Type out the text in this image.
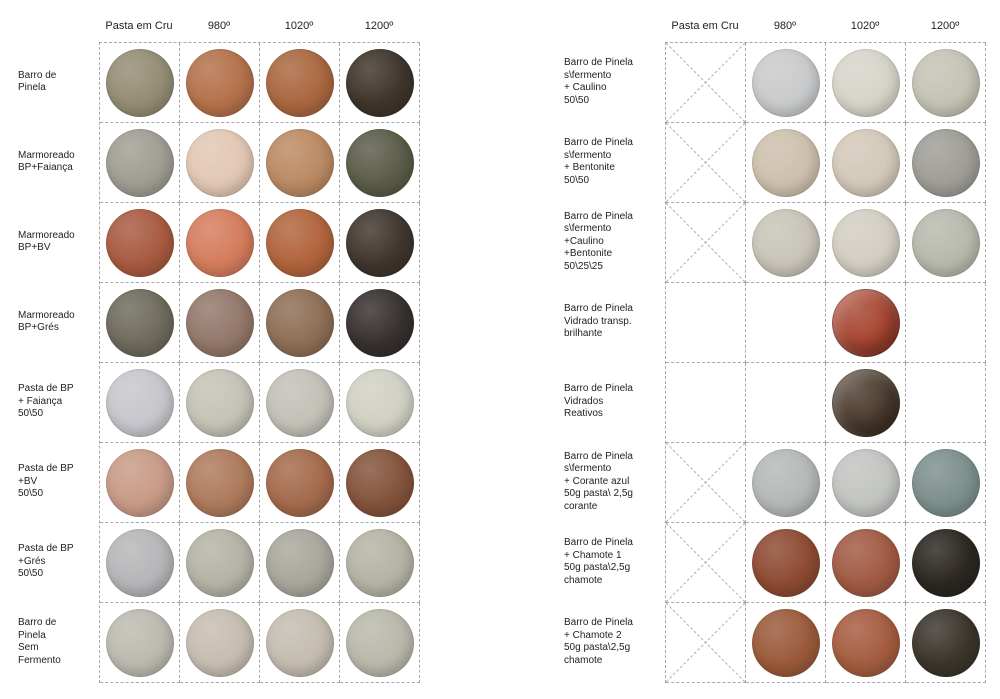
Pasta em Cru	980º	1020º	1200º
Barro de
Pinela
Marmoreado
BP+Faiança
Marmoreado
BP+BV
Marmoreado
BP+Grés
Pasta de BP
+ Faiança
50\50
Pasta de BP
+BV
50\50
Pasta de BP
+Grés
50\50
Barro de
Pinela
Sem
Fermento
Pasta em Cru	980º	1020º	1200º
Barro de Pinela
s\fermento
+ Caulino
50\50
Barro de Pinela
s\fermento
+ Bentonite
50\50
Barro de Pinela
s\fermento
+Caulino
+Bentonite
50\25\25
Barro de Pinela
Vidrado transp.
brilhante
Barro de Pinela
Vidrados
Reativos
Barro de Pinela
s\fermento
+ Corante azul
50g pasta\ 2,5g
corante
Barro de Pinela
+ Chamote 1
50g pasta\2,5g
chamote
Barro de Pinela
+ Chamote 2
50g pasta\2,5g
chamote
